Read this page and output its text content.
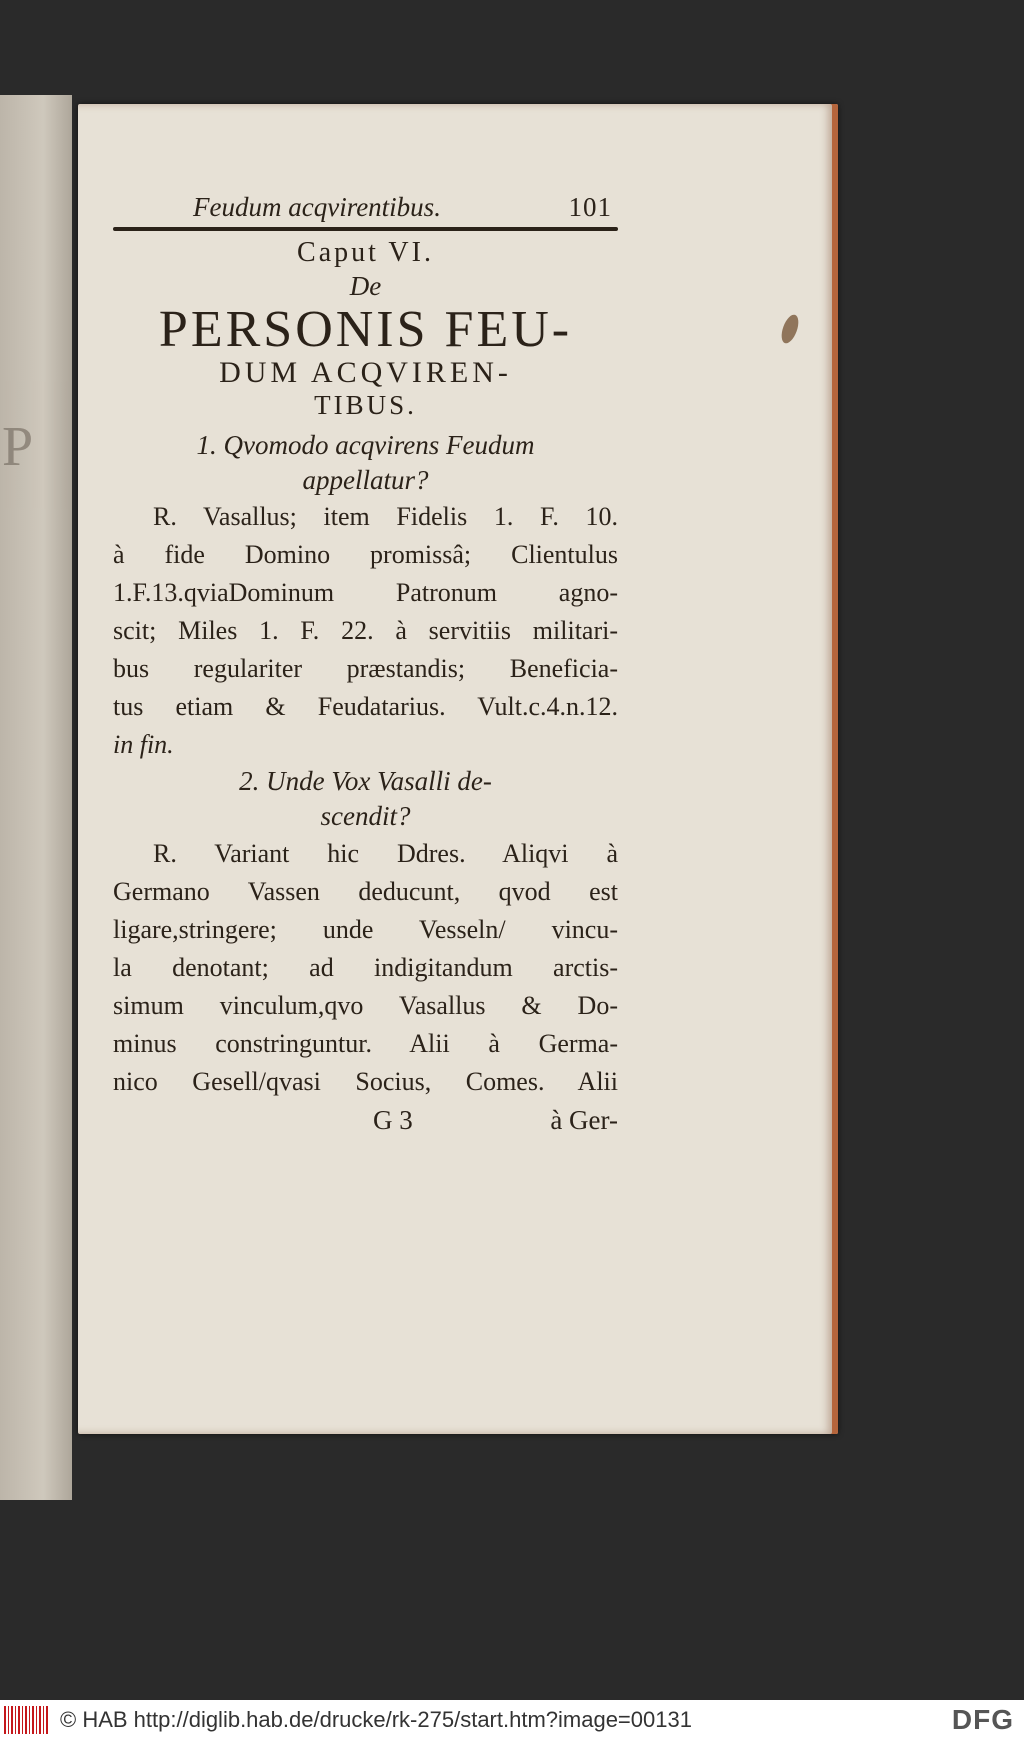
P
Feudum acqvirentibus.	101
Caput VI.
De
PERSONIS FEU-
DUM ACQVIREN-
TIBUS.
1. Qvomodo acqvirens Feudum
appellatur?
R. Vasallus; item Fidelis 1. F. 10.
à fide Domino promissâ; Clientulus
1.F.13.qviaDominum Patronum agno-
scit; Miles 1. F. 22. à servitiis militari-
bus regulariter præstandis; Beneficia-
tus etiam & Feudatarius. Vult.c.4.n.12.
in fin.
2. Unde Vox Vasalli de-
scendit?
R. Variant hic Ddres. Aliqvi à
Germano Vassen deducunt, qvod est
ligare,stringere; unde Vesseln/ vincu-
la denotant; ad indigitandum arctis-
simum vinculum,qvo Vasallus & Do-
minus constringuntur. Alii à Germa-
nico Gesell/qvasi Socius, Comes. Alii
G 3	à Ger-
© HAB http://diglib.hab.de/drucke/rk-275/start.htm?image=00131	DFG
